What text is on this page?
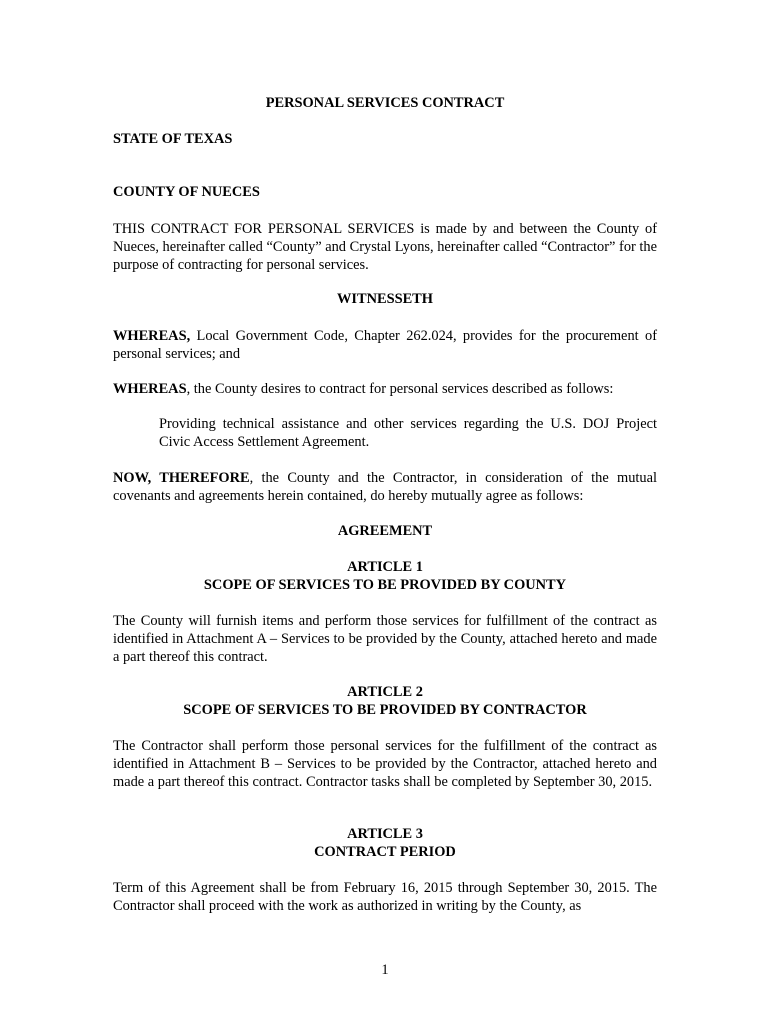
PERSONAL SERVICES CONTRACT

STATE OF TEXAS

COUNTY OF NUECES

THIS CONTRACT FOR PERSONAL SERVICES is made by and between the County of Nueces, hereinafter called “County” and Crystal Lyons, hereinafter called “Contractor” for the purpose of contracting for personal services.

WITNESSETH

WHEREAS, Local Government Code, Chapter 262.024, provides for the procurement of personal services; and

WHEREAS, the County desires to contract for personal services described as follows:

Providing technical assistance and other services regarding the U.S. DOJ Project Civic Access Settlement Agreement.

NOW, THEREFORE, the County and the Contractor, in consideration of the mutual covenants and agreements herein contained, do hereby mutually agree as follows:

AGREEMENT

ARTICLE 1

SCOPE OF SERVICES TO BE PROVIDED BY COUNTY

The County will furnish items and perform those services for fulfillment of the contract as identified in Attachment A – Services to be provided by the County, attached hereto and made a part thereof this contract.

ARTICLE 2

SCOPE OF SERVICES TO BE PROVIDED BY CONTRACTOR

The Contractor shall perform those personal services for the fulfillment of the contract as identified in Attachment B – Services to be provided by the Contractor, attached hereto and made a part thereof this contract. Contractor tasks shall be completed by September 30, 2015.

ARTICLE 3

CONTRACT PERIOD

Term of this Agreement shall be from February 16, 2015 through September 30, 2015. The Contractor shall proceed with the work as authorized in writing by the County, as

1
